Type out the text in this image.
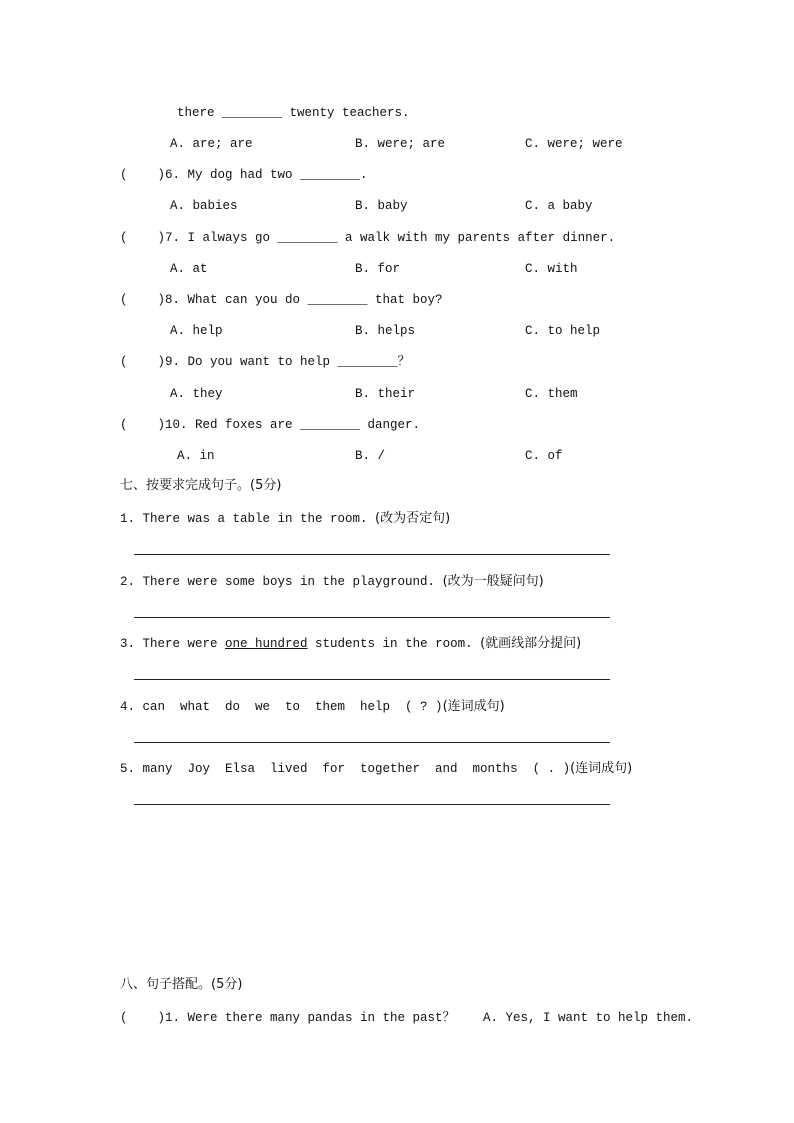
there ________ twenty teachers.
A. are; are	B. were; are	C. were; were
(    )6. My dog had two ________.
A. babies	B. baby	C. a baby
(    )7. I always go ________ a walk with my parents after dinner.
A. at	B. for	C. with
(    )8. What can you do ________ that boy?
A. help	B. helps	C. to help
(    )9. Do you want to help ________？
A. they	B. their	C. them
(    )10. Red foxes are ________ danger.
A. in	B. /	C. of
七、按要求完成句子。(5分)
1. There was a table in the room. (改为否定句)
2. There were some boys in the playground. (改为一般疑问句)
3. There were one hundred students in the room. (就画线部分提问)
4. can  what  do  we  to  them  help  ( ? )(连词成句)
5. many  Joy  Elsa  lived  for  together  and  months  ( . )(连词成句)
八、句子搭配。(5分)
(    )1. Were there many pandas in the past？ A. Yes, I want to help them.
